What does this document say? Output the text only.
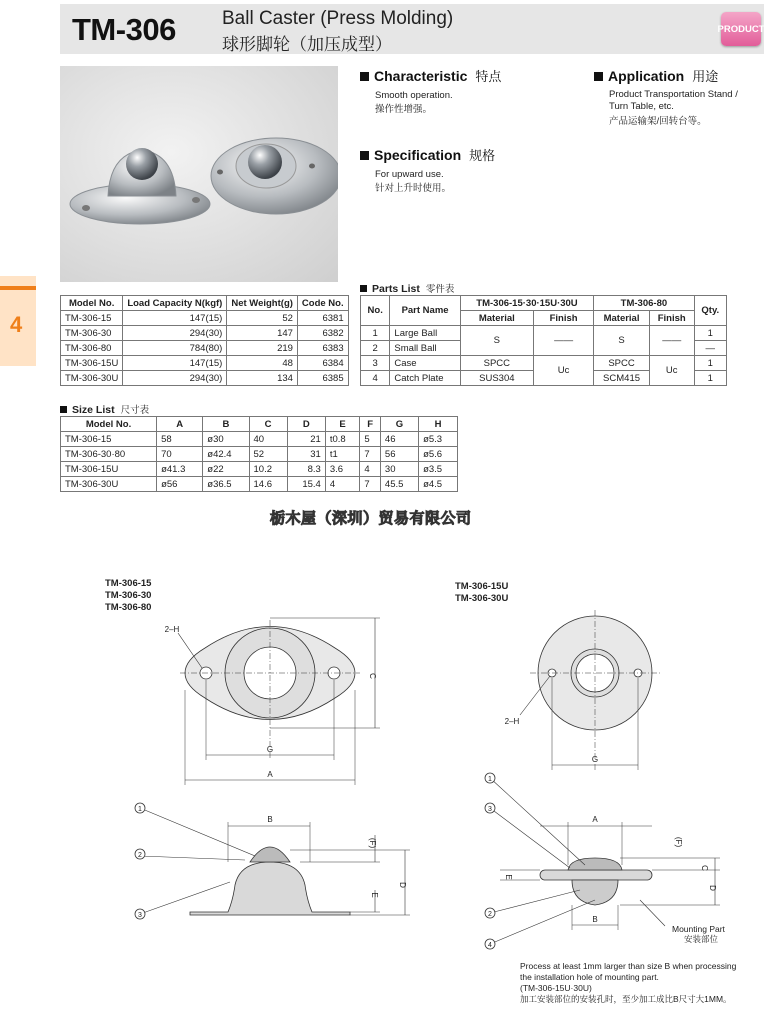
TM-306 Ball Caster (Press Molding)
球形脚轮（加压成型）
PRODUCT
4
Characteristic 特点
Smooth operation.
操作性增强。
Application 用途
Product Transportation Stand /
Turn Table, etc.
产品运输架/回转台等。
Specification 规格
For upward use.
针对上升时使用。
Model No.	Load Capacity N(kgf)	Net Weight(g)	Code No.
TM-306-15	147(15)	52	6381
TM-306-30	294(30)	147	6382
TM-306-80	784(80)	219	6383
TM-306-15U	147(15)	48	6384
TM-306-30U	294(30)	134	6385
Parts List 零件表
No.	Part Name	TM-306-15·30·15U·30U		TM-306-80		Qty.
		Material	Finish	Material	Finish	
1	Large Ball	S	——	S	——	1
2	Small Ball					—
3	Case	SPCC	Uc	SPCC	Uc	1
4	Catch Plate	SUS304		SCM415		1
Size List 尺寸表
Model No.	A	B	C	D	E	F	G	H
TM-306-15	58	ø30	40	21	t0.8	5	46	ø5.3
TM-306-30·80	70	ø42.4	52	31	t1	7	56	ø5.6
TM-306-15U	ø41.3	ø22	10.2	8.3	3.6	4	30	ø3.5
TM-306-30U	ø56	ø36.5	14.6	15.4	4	7	45.5	ø4.5
栃木屋（深圳）贸易有限公司
TM-306-15
TM-306-30
TM-306-80
TM-306-15U
TM-306-30U
G
A
C
2–H
G
2–H
B
D
E
(F)
A
B
C
D
E
(F)
1
2
3
1
3
2
4
Mounting Part
安装部位
Process at least 1mm larger than size B when processing
the installation hole of mounting part.
(TM-306-15U·30U)
加工安装部位的安装孔时，至少加工成比B尺寸大1MM。
